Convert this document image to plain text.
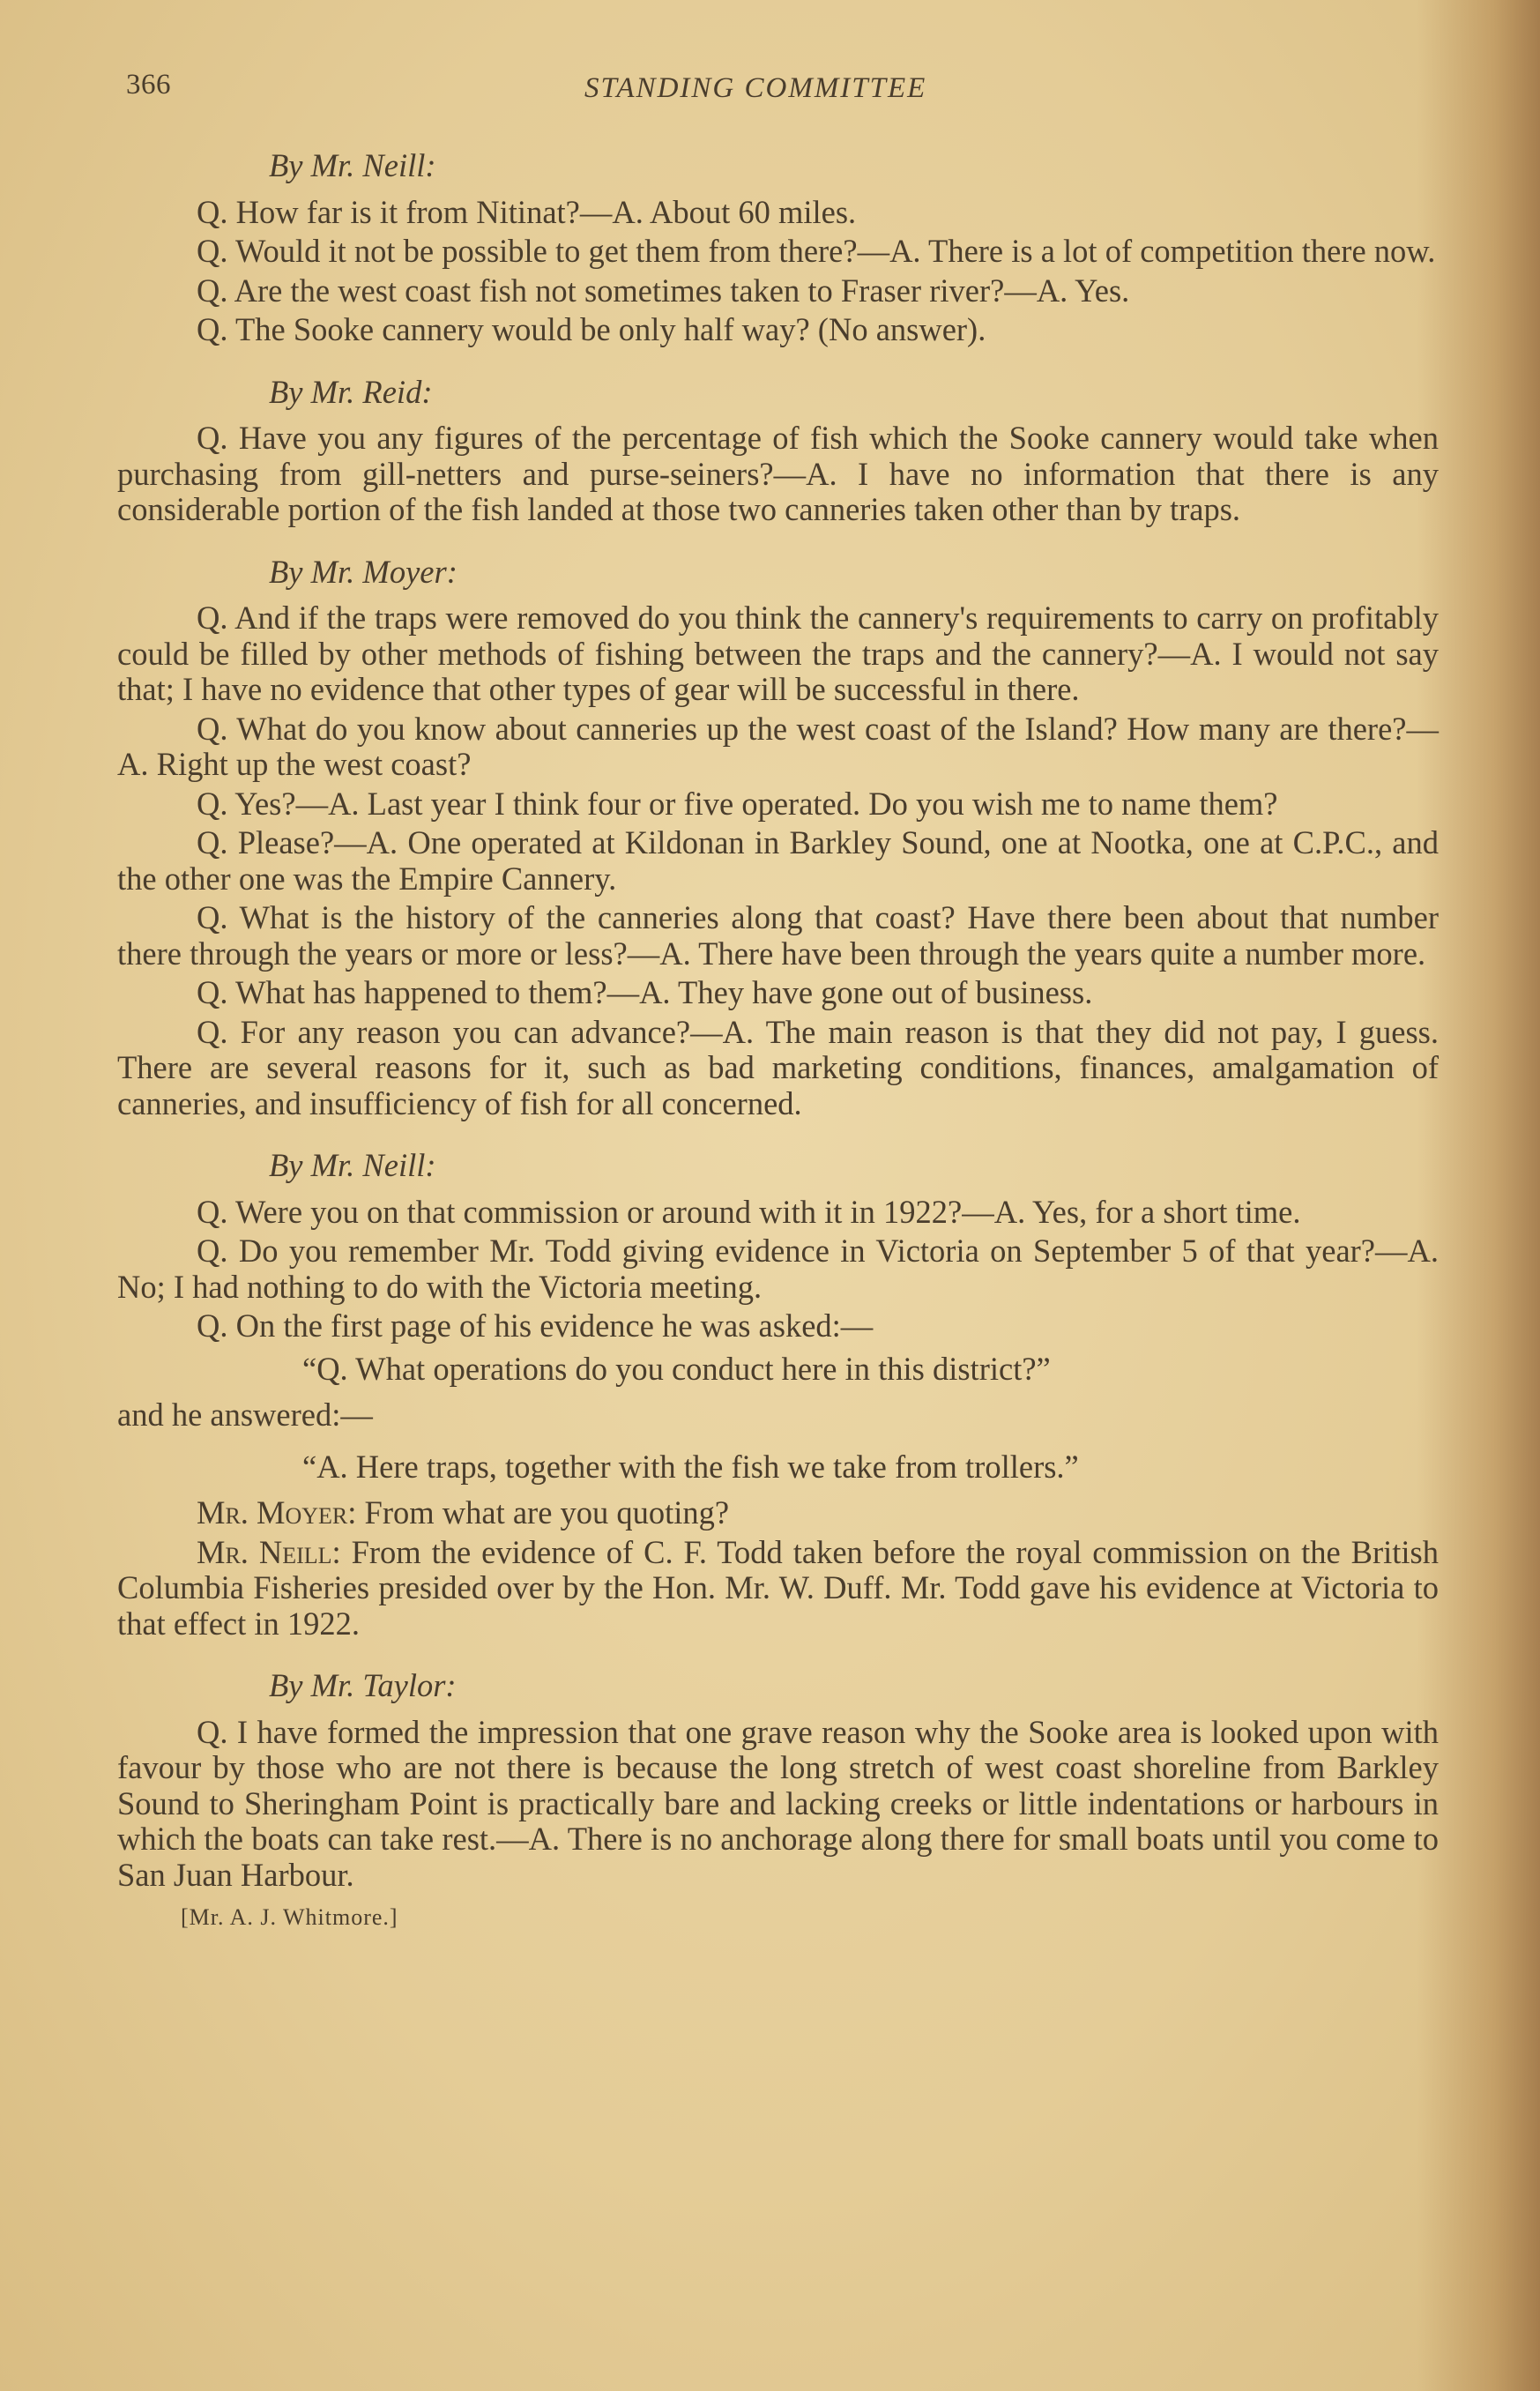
366	STANDING COMMITTEE
By Mr. Neill:

Q. How far is it from Nitinat?—A. About 60 miles.

Q. Would it not be possible to get them from there?—A. There is a lot of competition there now.

Q. Are the west coast fish not sometimes taken to Fraser river?—A. Yes.

Q. The Sooke cannery would be only half way? (No answer).

By Mr. Reid:

Q. Have you any figures of the percentage of fish which the Sooke cannery would take when purchasing from gill-netters and purse-seiners?—A. I have no information that there is any considerable portion of the fish landed at those two canneries taken other than by traps.

By Mr. Moyer:

Q. And if the traps were removed do you think the cannery's requirements to carry on profitably could be filled by other methods of fishing between the traps and the cannery?—A. I would not say that; I have no evidence that other types of gear will be successful in there.

Q. What do you know about canneries up the west coast of the Island? How many are there?—A. Right up the west coast?

Q. Yes?—A. Last year I think four or five operated. Do you wish me to name them?

Q. Please?—A. One operated at Kildonan in Barkley Sound, one at Nootka, one at C.P.C., and the other one was the Empire Cannery.

Q. What is the history of the canneries along that coast? Have there been about that number there through the years or more or less?—A. There have been through the years quite a number more.

Q. What has happened to them?—A. They have gone out of business.

Q. For any reason you can advance?—A. The main reason is that they did not pay, I guess. There are several reasons for it, such as bad marketing conditions, finances, amalgamation of canneries, and insufficiency of fish for all concerned.

By Mr. Neill:

Q. Were you on that commission or around with it in 1922?—A. Yes, for a short time.

Q. Do you remember Mr. Todd giving evidence in Victoria on September 5 of that year?—A. No; I had nothing to do with the Victoria meeting.

Q. On the first page of his evidence he was asked:—

“Q. What operations do you conduct here in this district?”

and he answered:—

“A. Here traps, together with the fish we take from trollers.”

Mr. Moyer: From what are you quoting?

Mr. Neill: From the evidence of C. F. Todd taken before the royal commission on the British Columbia Fisheries presided over by the Hon. Mr. W. Duff. Mr. Todd gave his evidence at Victoria to that effect in 1922.

By Mr. Taylor:

Q. I have formed the impression that one grave reason why the Sooke area is looked upon with favour by those who are not there is because the long stretch of west coast shoreline from Barkley Sound to Sheringham Point is practically bare and lacking creeks or little indentations or harbours in which the boats can take rest.—A. There is no anchorage along there for small boats until you come to San Juan Harbour.

[Mr. A. J. Whitmore.]
